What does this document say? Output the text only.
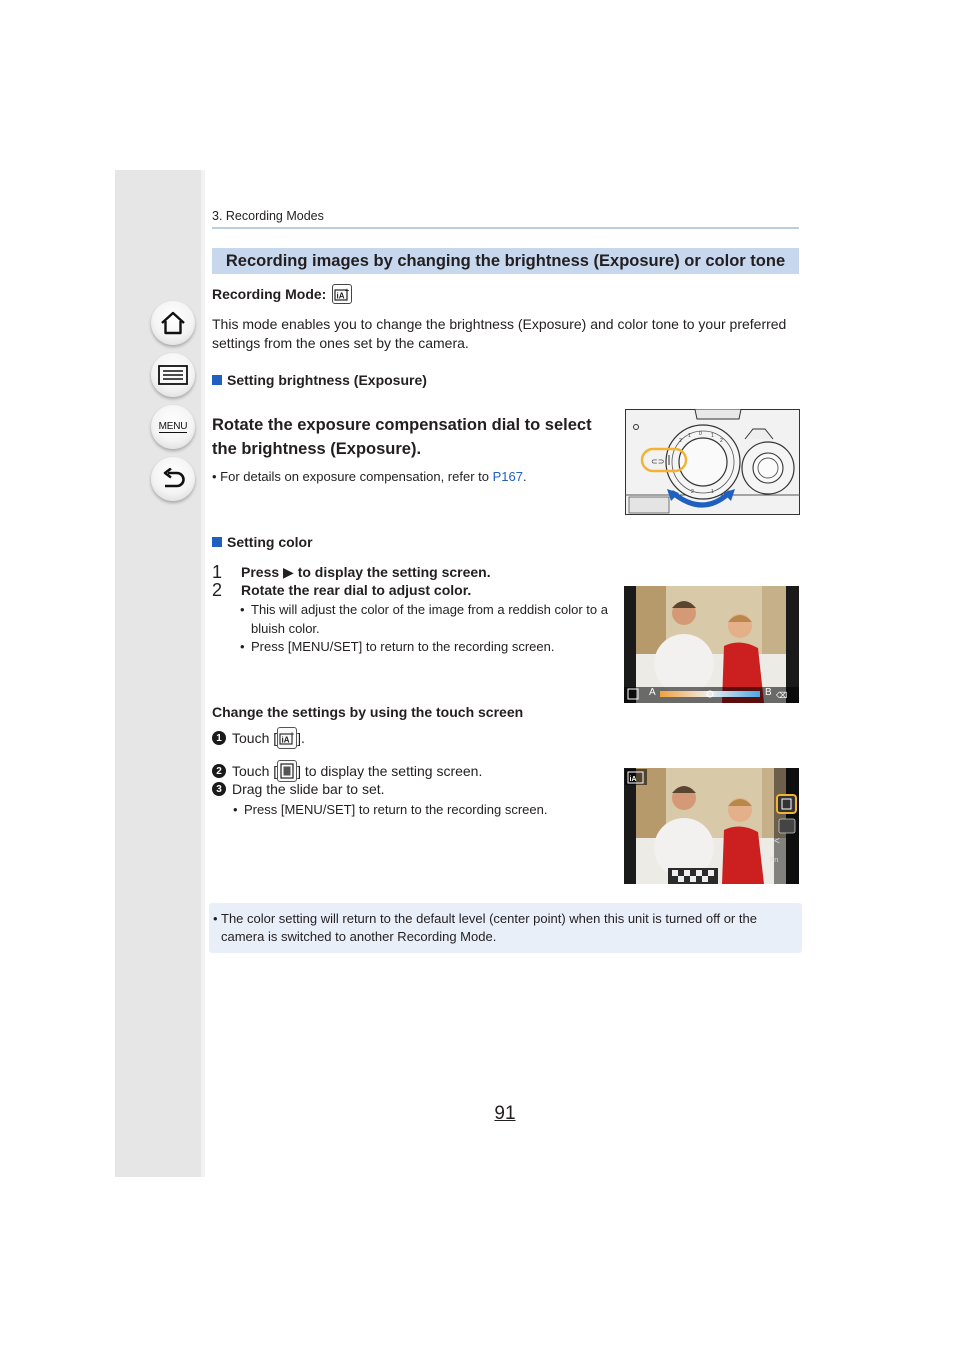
MENU
3. Recording Modes
Recording images by changing the brightness (Exposure) or color tone
Recording Mode: iA +

This mode enables you to change the brightness (Exposure) and color tone to your preferred settings from the ones set by the camera.

Setting brightness (Exposure)

Rotate the exposure compensation dial to select the brightness (Exposure).

• For details on exposure compensation, refer to P167.
0 1
2
1
2
1
2
⊂⊃
Setting color
1 Press ▶ to display the setting screen.
2 Rotate the rear dial to adjust color.
• This will adjust the color of the image from a reddish color to a bluish color.
• Press [MENU/SET] to return to the recording screen.
⌫
A	B
Change the settings by using the touch screen
1 Touch [ iA
+ ].
2 Touch [ ] to display the setting screen.
3 Drag the slide bar to set.
• Press [MENU/SET] to return to the recording screen.
iA
<
Fn
• The color setting will return to the default level (center point) when this unit is turned off or the camera is switched to another Recording Mode.
91
